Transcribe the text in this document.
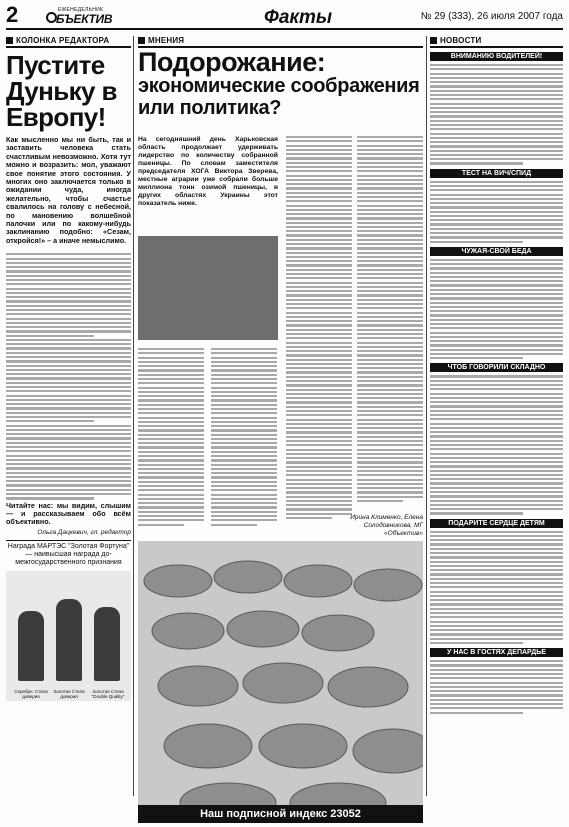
2	ЕЖЕНЕДЕЛЬНИК
БЪЕКТИВ	Факты	№ 29 (333), 26 июля 2007 года
КОЛОНКА РЕДАКТОРА
Пустите Дуньку в Европу!
Как мысленно мы ни быть, так и заставить человека стать счастливым невозможно. Хотя тут можно и возразить: мол, уважают свое понятие этого состояния. У многих оно заключается только в ожидании чуда, иногда желательно, чтобы счастье свалилось на голову с небесной, по мановению волшебной палочки или по какому-нибудь заклинанию подобно: «Сезам, откройся!» – а иначе немыслимо.
Читайте нас: мы видим, слышим — и рассказываем обо всём объективно.
Ольга Дацкевич, гл. редактор
Награда МАРТЭС "Золотая Фортуна" — наивысшая награда до-межгосударственного признания
Серебрн. Стела доверия
Золотая Стела доверия
Золотая Стела "Double Quality"
МНЕНИЯ
Подорожание:
экономические соображения или политика?
На сегодняшний день Харьковская область продолжает удерживать лидерство по количеству собранной пшеницы. По словам заместителя председателя ХОГА Виктора Зверева, местные аграрии уже собрали больше миллиона тонн озимой пшеницы, в других областях Украины этот показатель ниже.
Ирина Клименко, Елена Солодовникова, МГ «Объектив»
НОВОСТИ
ВНИМАНИЮ ВОДИТЕЛЕЙ!
ТЕСТ НА ВИЧ/СПИД
ЧУЖАЯ-СВОЙ БЕДА
ЧТОБ ГОВОРИЛИ СКЛАДНО
ПОДАРИТЕ СЕРДЦЕ ДЕТЯМ
У НАС В ГОСТЯХ ДЕПАРДЬЕ
Наш подписной индекс 23052
